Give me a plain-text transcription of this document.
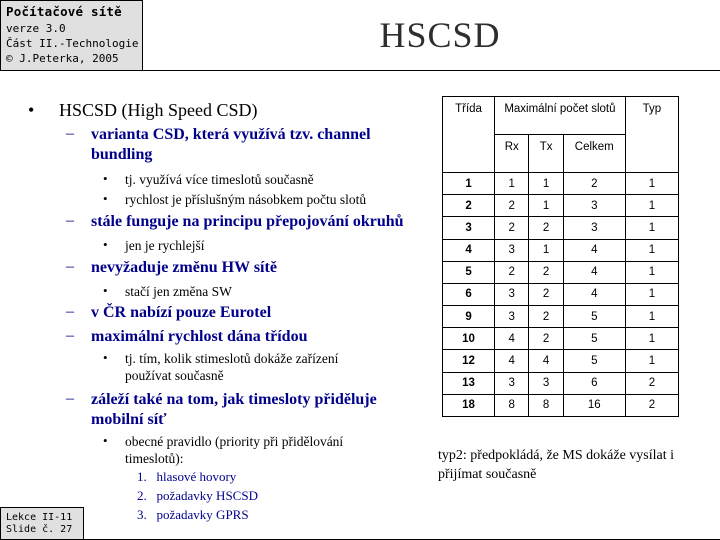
Počítačové sítě
verze 3.0
Část II.-Technologie
© J.Peterka, 2005
HSCSD
• HSCSD (High Speed CSD)
– varianta CSD, která využívá tzv. channel
bundling
• tj. využívá více timeslotů současně
• rychlost je příslušným násobkem počtu slotů
– stále funguje na principu přepojování okruhů
• jen je rychlejší
– nevyžaduje změnu HW sítě
• stačí jen změna SW
– v ČR nabízí pouze Eurotel
– maximální rychlost dána třídou
• tj. tím, kolik stimeslotů dokáže zařízení
používat současně
– záleží také na tom, jak timesloty přiděluje
mobilní síť
• obecné pravidlo (priority při přidělování
timeslotů):
1. hlasové hovory
2. požadavky HSCSD
3. požadavky GPRS
Třída	Maximální počet slotů			Typ
	Rx	Tx	Celkem	
1	1	1	2	1
2	2	1	3	1
3	2	2	3	1
4	3	1	4	1
5	2	2	4	1
6	3	2	4	1
9	3	2	5	1
10	4	2	5	1
12	4	4	5	1
13	3	3	6	2
18	8	8	16	2
typ2: předpokládá, že MS dokáže vysílat i přijímat současně
Lekce II-11
Slide č. 27
